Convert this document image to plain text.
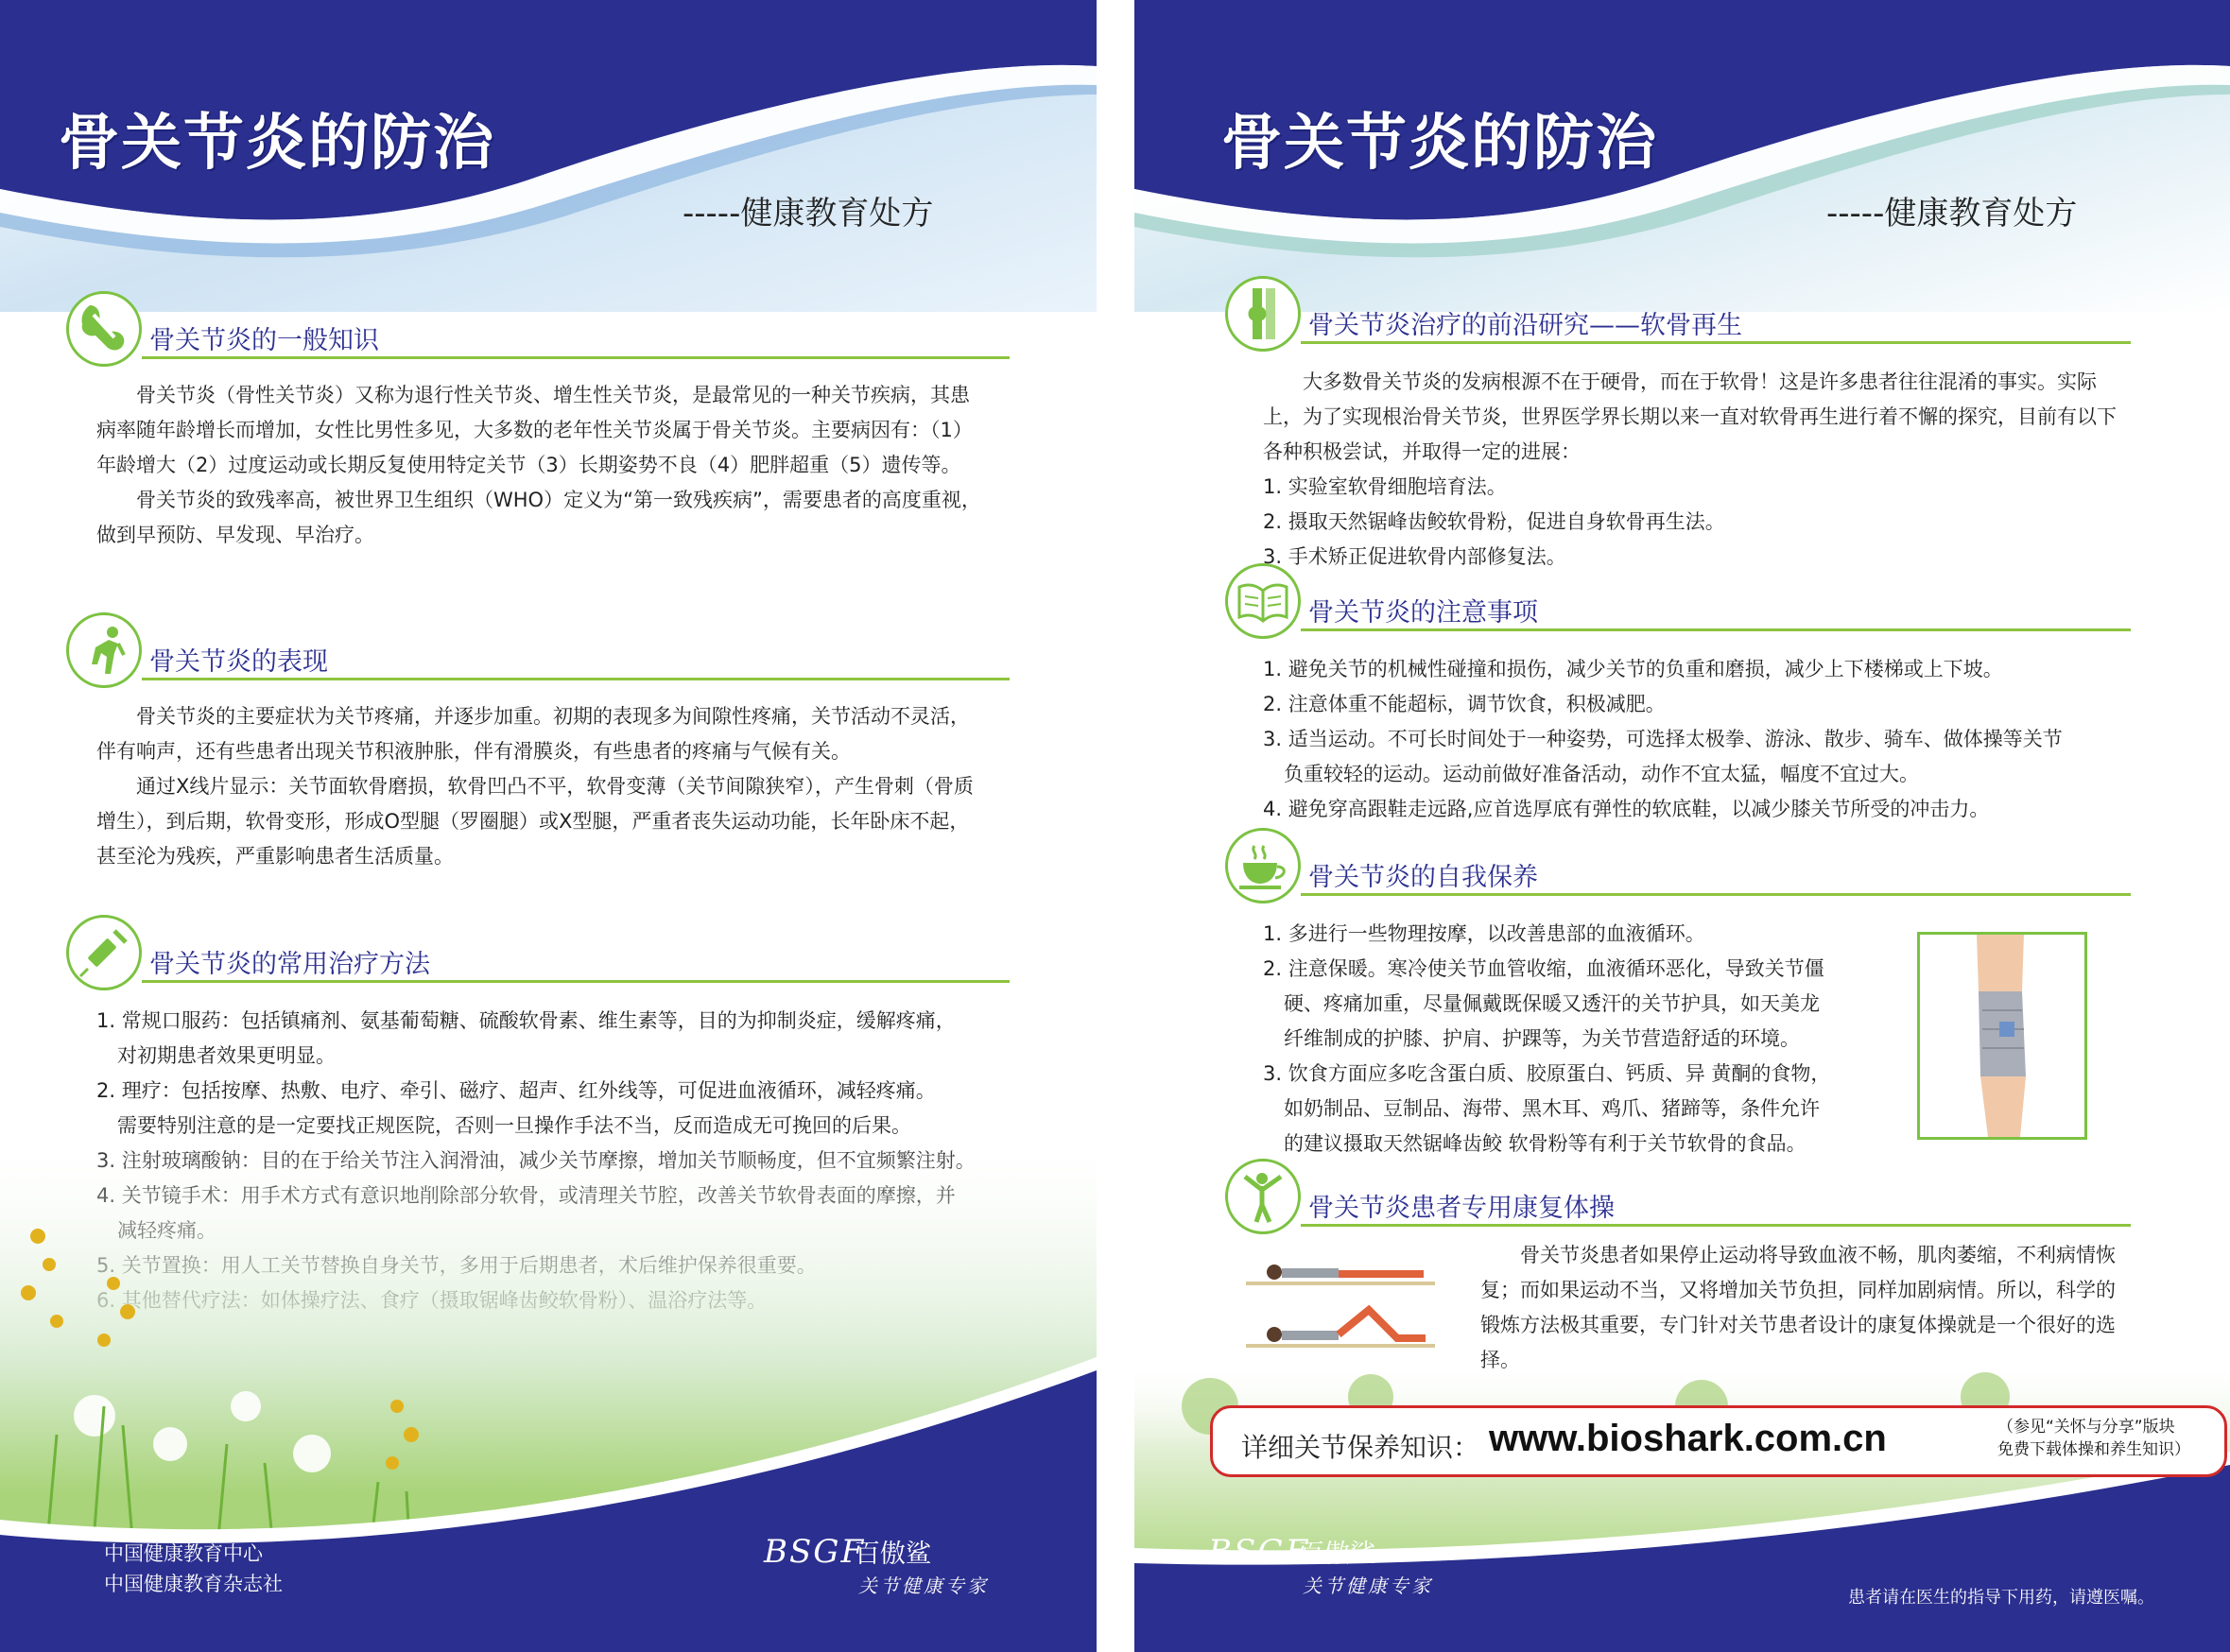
骨关节炎的防治
-----健康教育处方
骨关节炎的一般知识

骨关节炎（骨性关节炎）又称为退行性关节炎、增生性关节炎，是最常见的一种关节疾病，其患病率随年龄增长而增加，女性比男性多见，大多数的老年性关节炎属于骨关节炎。主要病因有：（1）年龄增大（2）过度运动或长期反复使用特定关节（3）长期姿势不良（4）肥胖超重（5）遗传等。

骨关节炎的致残率高，被世界卫生组织（WHO）定义为“第一致残疾病”，需要患者的高度重视，做到早预防、早发现、早治疗。

骨关节炎的表现

骨关节炎的主要症状为关节疼痛，并逐步加重。初期的表现多为间隙性疼痛，关节活动不灵活，伴有响声，还有些患者出现关节积液肿胀，伴有滑膜炎，有些患者的疼痛与气候有关。

通过X线片显示：关节面软骨磨损，软骨凹凸不平，软骨变薄（关节间隙狭窄），产生骨刺（骨质增生），到后期，软骨变形，形成O型腿（罗圈腿）或X型腿，严重者丧失运动功能，长年卧床不起，甚至沦为残疾，严重影响患者生活质量。

骨关节炎的常用治疗方法

1. 常规口服药：包括镇痛剂、氨基葡萄糖、硫酸软骨素、维生素等，目的为抑制炎症，缓解疼痛，

对初期患者效果更明显。

2. 理疗：包括按摩、热敷、电疗、牵引、磁疗、超声、红外线等，可促进血液循环，减轻疼痛。

中国健康教育中心
中国健康教育杂志社
BSGF
百傲鲨
关节健康专家
骨关节炎的防治
-----健康教育处方
骨关节炎治疗的前沿研究——软骨再生

大多数骨关节炎的发病根源不在于硬骨，而在于软骨！这是许多患者往往混淆的事实。实际上，为了实现根治骨关节炎，世界医学界长期以来一直对软骨再生进行着不懈的探究，目前有以下各种积极尝试，并取得一定的进展：

1. 实验室软骨细胞培育法。

2. 摄取天然锯峰齿鲛软骨粉，促进自身软骨再生法。

3. 手术矫正促进软骨内部修复法。

骨关节炎的注意事项

1. 避免关节的机械性碰撞和损伤，减少关节的负重和磨损，减少上下楼梯或上下坡。

2. 注意体重不能超标，调节饮食，积极减肥。

3. 适当运动。不可长时间处于一种姿势，可选择太极拳、游泳、散步、骑车、做体操等关节

负重较轻的运动。运动前做好准备活动，动作不宜太猛，幅度不宜过大。

4. 避免穿高跟鞋走远路,应首选厚底有弹性的软底鞋，以减少膝关节所受的冲击力。

骨关节炎的自我保养

1. 多进行一些物理按摩，以改善患部的血液循环。

2. 注意保暖。寒冷使关节血管收缩，血液循环恶化，导致关节僵

硬、疼痛加重，尽量佩戴既保暖又透汗的关节护具，如天美龙

纤维制成的护膝、护肩、护踝等，为关节营造舒适的环境。

3. 饮食方面应多吃含蛋白质、胶原蛋白、钙质、异 黄酮的食物，

如奶制品、豆制品、海带、黑木耳、鸡爪、猪蹄等，条件允许

的建议摄取天然锯峰齿鲛 软骨粉等有利于关节软骨的食品。

骨关节炎患者专用康复体操

骨关节炎患者如果停止运动将导致血液不畅，肌肉萎缩，不利病情恢复；而如果运动不当，又将增加关节负担，同样加剧病情。所以，科学的锻炼方法极其重要，专门针对关节患者设计的康复体操就是一个很好的选

详细关节保养知识： www.bioshark.com.cn	（参见“关怀与分享”版块
免费下载体操和养生知识）
BSGF
百傲鲨
关节健康专家
患者请在医生的指导下用药，请遵医嘱。
